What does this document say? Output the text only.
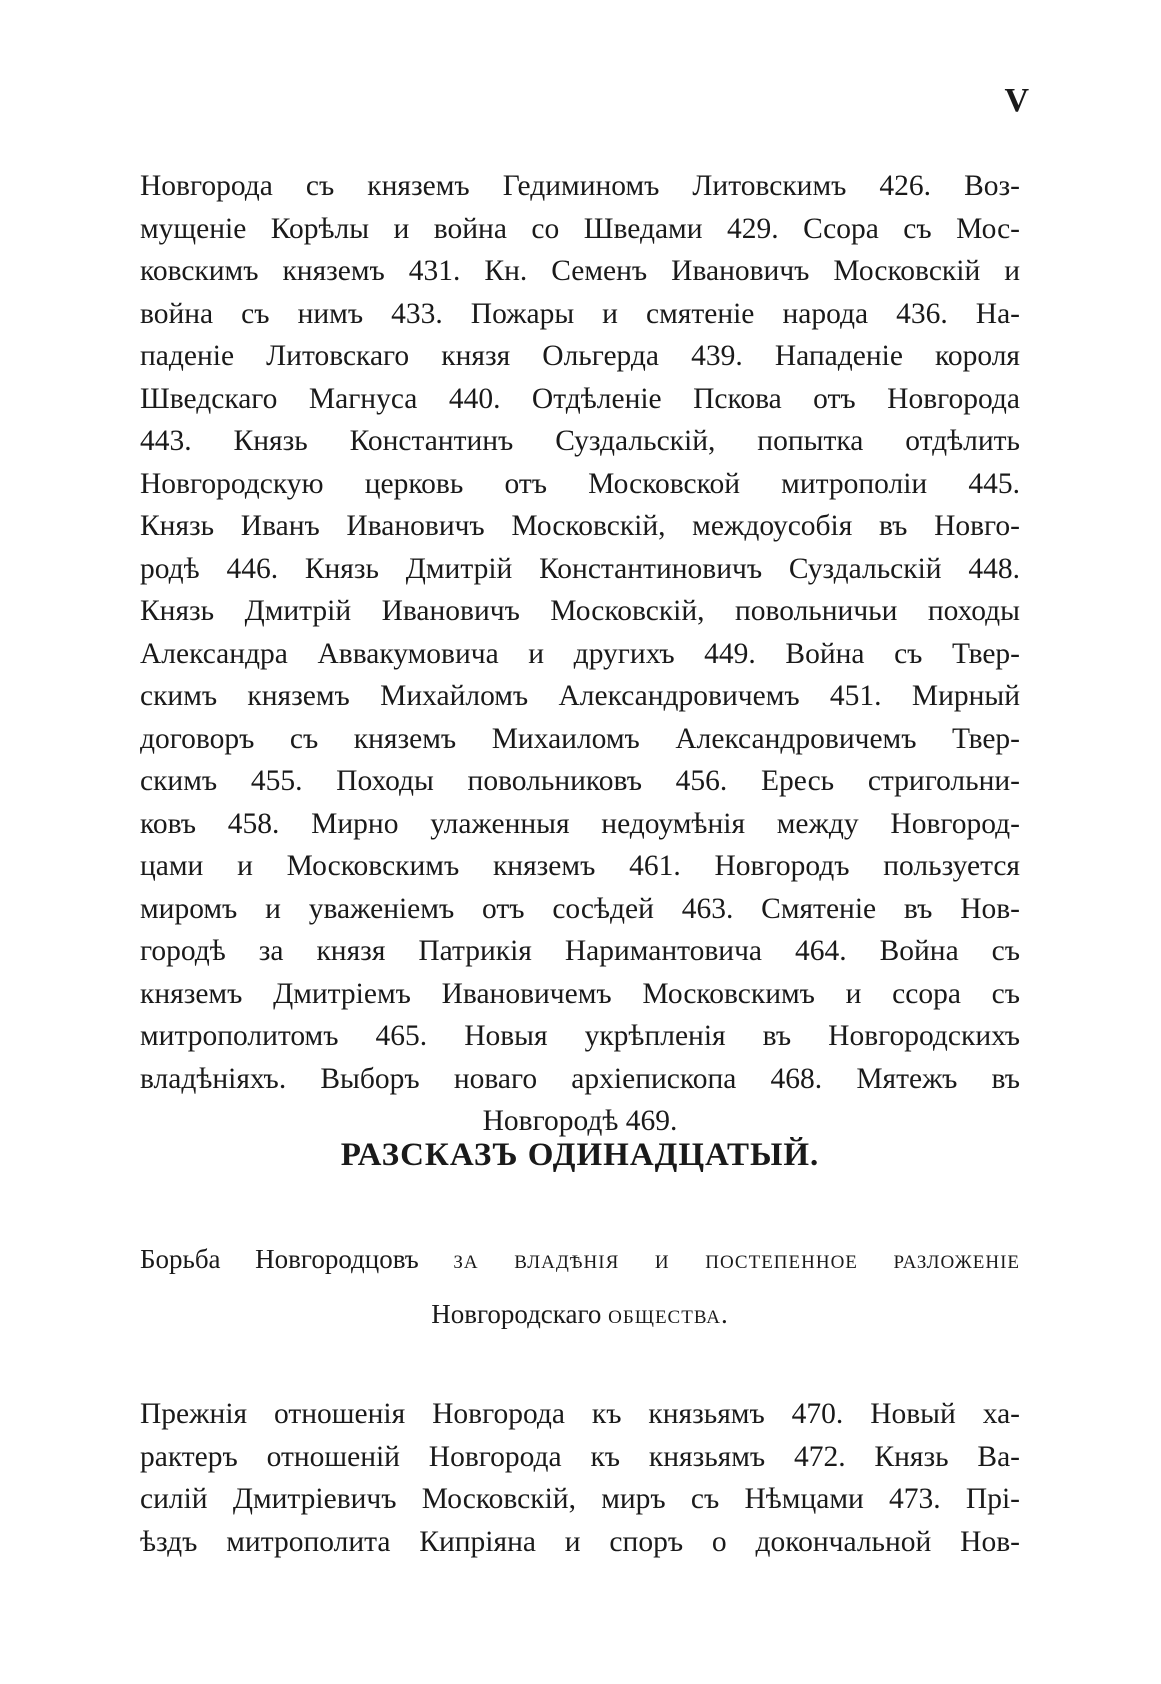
V
Новгорода съ княземъ Гедиминомъ Литовскимъ 426. Воз-
мущеніе Корѣлы и война со Шведами 429. Ссора съ Мос-
ковскимъ княземъ 431. Кн. Семенъ Ивановичъ Московскій и
война съ нимъ 433. Пожары и смятеніе народа 436. На-
паденіе Литовскаго князя Ольгерда 439. Нападеніе короля
Шведскаго Магнуса 440. Отдѣленіе Пскова отъ Новгорода
443. Князь Константинъ Суздальскій, попытка отдѣлить
Новгородскую церковь отъ Московской митрополіи 445.
Князь Иванъ Ивановичъ Московскій, междоусобія въ Новго-
родѣ 446. Князь Дмитрій Константиновичъ Суздальскій 448.
Князь Дмитрій Ивановичъ Московскій, повольничьи походы
Александра Аввакумовича и другихъ 449. Война съ Твер-
скимъ княземъ Михайломъ Александровичемъ 451. Мирный
договоръ съ княземъ Михаиломъ Александровичемъ Твер-
скимъ 455. Походы повольниковъ 456. Ересь стригольни-
ковъ 458. Мирно улаженныя недоумѣнія между Новгород-
цами и Московскимъ княземъ 461. Новгородъ пользуется
миромъ и уваженіемъ отъ сосѣдей 463. Смятеніе въ Нов-
городѣ за князя Патрикія Наримантовича 464. Война съ
княземъ Дмитріемъ Ивановичемъ Московскимъ и ссора съ
митрополитомъ 465. Новыя укрѣпленія въ Новгородскихъ
владѣніяхъ. Выборъ новаго архіепископа 468. Мятежъ въ
Новгородѣ 469.
РАЗСКАЗЪ ОДИНАДЦАТЫЙ.
Борьба Новгородцовъ за владѣнія и постепенное разложеніе
Новгородскаго общества.
Прежнія отношенія Новгорода къ князьямъ 470. Новый ха-
рактеръ отношеній Новгорода къ князьямъ 472. Князь Ва-
силій Дмитріевичъ Московскій, миръ съ Нѣмцами 473. Прі-
ѣздъ митрополита Кипріяна и споръ о докончальной Нов-
